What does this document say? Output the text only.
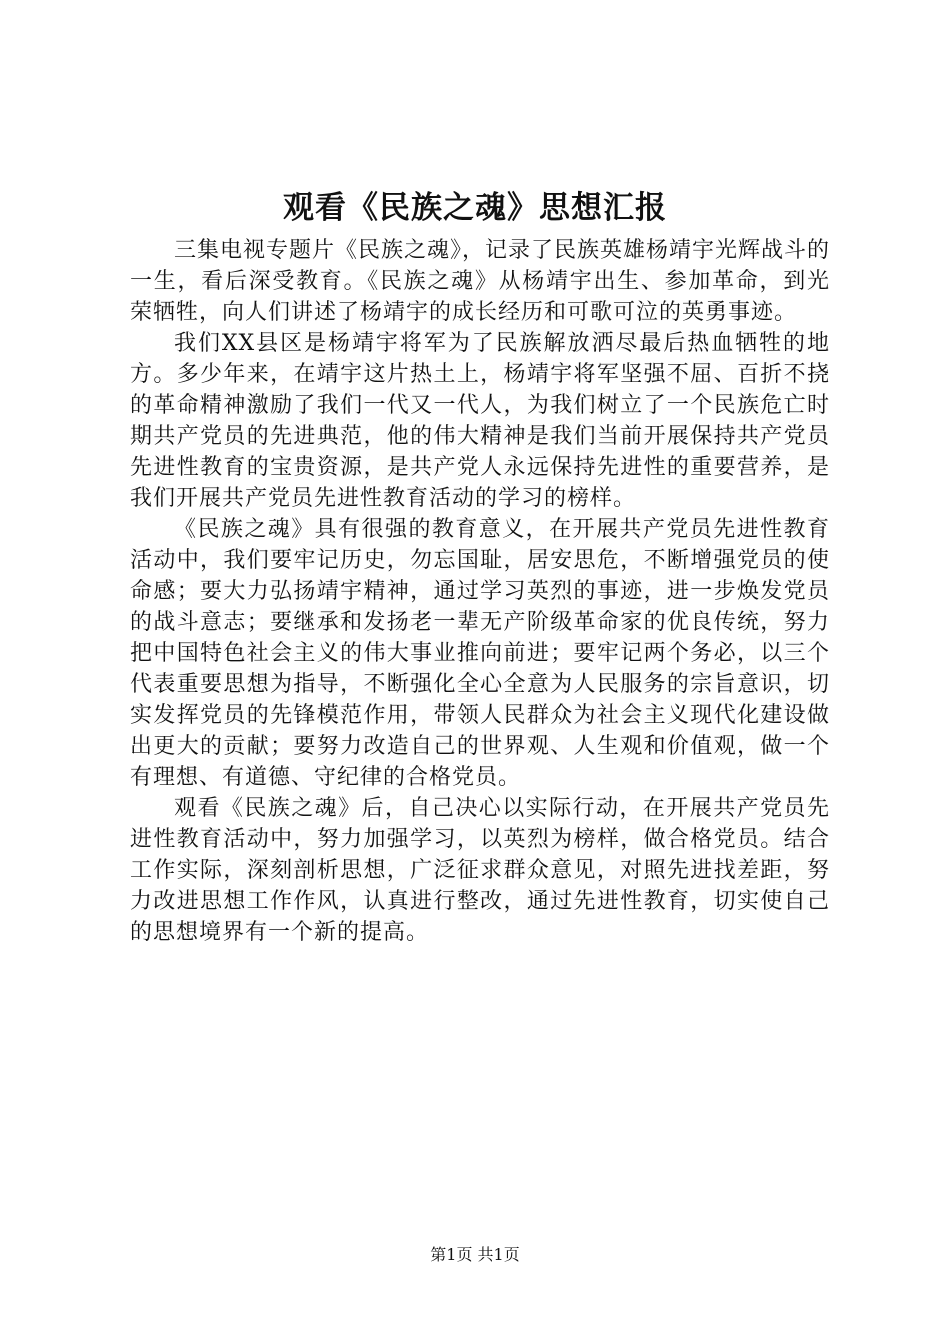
观看《民族之魂》思想汇报

三集电视专题片《民族之魂》，记录了民族英雄杨靖宇光辉战斗的一生，看后深受教育。《民族之魂》从杨靖宇出生、参加革命，到光荣牺牲，向人们讲述了杨靖宇的成长经历和可歌可泣的英勇事迹。

我们XX县区是杨靖宇将军为了民族解放洒尽最后热血牺牲的地方。多少年来，在靖宇这片热土上，杨靖宇将军坚强不屈、百折不挠的革命精神激励了我们一代又一代人，为我们树立了一个民族危亡时期共产党员的先进典范，他的伟大精神是我们当前开展保持共产党员先进性教育的宝贵资源，是共产党人永远保持先进性的重要营养，是我们开展共产党员先进性教育活动的学习的榜样。

《民族之魂》具有很强的教育意义，在开展共产党员先进性教育活动中，我们要牢记历史，勿忘国耻，居安思危，不断增强党员的使命感；要大力弘扬靖宇精神，通过学习英烈的事迹，进一步焕发党员的战斗意志；要继承和发扬老一辈无产阶级革命家的优良传统，努力把中国特色社会主义的伟大事业推向前进；要牢记两个务必，以三个代表重要思想为指导，不断强化全心全意为人民服务的宗旨意识，切实发挥党员的先锋模范作用，带领人民群众为社会主义现代化建设做出更大的贡献；要努力改造自己的世界观、人生观和价值观，做一个有理想、有道德、守纪律的合格党员。

观看《民族之魂》后，自己决心以实际行动，在开展共产党员先进性教育活动中，努力加强学习，以英烈为榜样，做合格党员。结合工作实际，深刻剖析思想，广泛征求群众意见，对照先进找差距，努力改进思想工作作风，认真进行整改，通过先进性教育，切实使自己的思想境界有一个新的提高。

第1页 共1页
